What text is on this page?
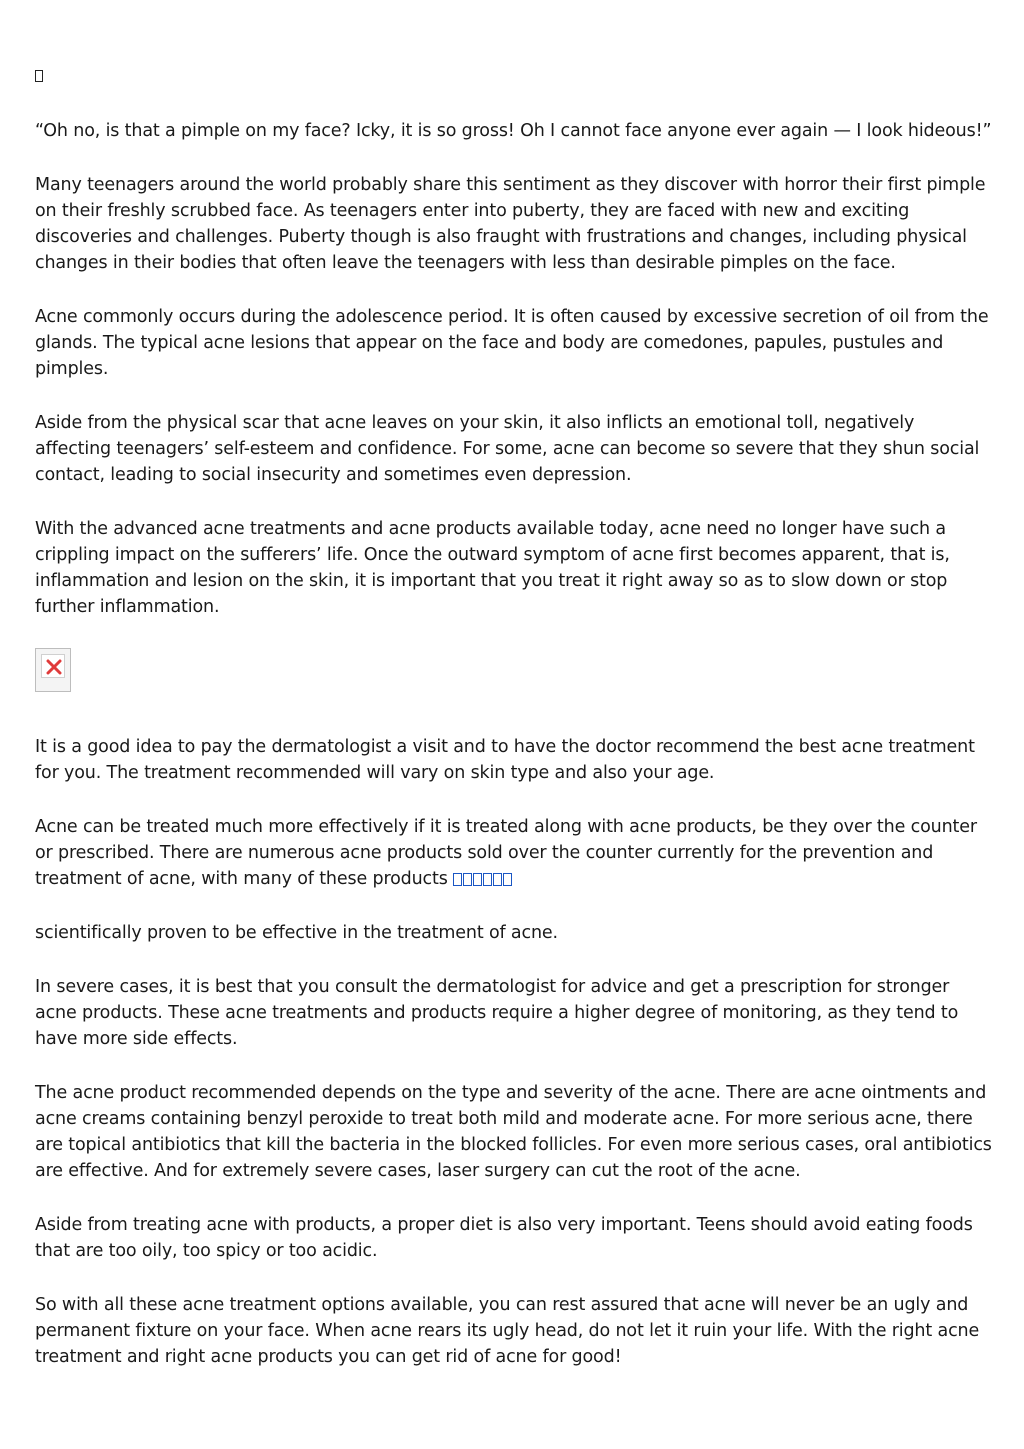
“Oh no, is that a pimple on my face? Icky, it is so gross! Oh I cannot face anyone ever again — I look hideous!”

Many teenagers around the world probably share this sentiment as they discover with horror their first pimple on their freshly scrubbed face. As teenagers enter into puberty, they are faced with new and exciting discoveries and challenges. Puberty though is also fraught with frustrations and changes, including physical changes in their bodies that often leave the teenagers with less than desirable pimples on the face.

Acne commonly occurs during the adolescence period. It is often caused by excessive secretion of oil from the glands. The typical acne lesions that appear on the face and body are comedones, papules, pustules and pimples.

Aside from the physical scar that acne leaves on your skin, it also inflicts an emotional toll, negatively affecting teenagers’ self-esteem and confidence. For some, acne can become so severe that they shun social contact, leading to social insecurity and sometimes even depression.

With the advanced acne treatments and acne products available today, acne need no longer have such a crippling impact on the sufferers’ life. Once the outward symptom of acne first becomes apparent, that is, inflammation and lesion on the skin, it is important that you treat it right away so as to slow down or stop further inflammation.

It is a good idea to pay the dermatologist a visit and to have the doctor recommend the best acne treatment for you. The treatment recommended will vary on skin type and also your age.

Acne can be treated much more effectively if it is treated along with acne products, be they over the counter or prescribed. There are numerous acne products sold over the counter currently for the prevention and treatment of acne, with many of these products

scientifically proven to be effective in the treatment of acne.

In severe cases, it is best that you consult the dermatologist for advice and get a prescription for stronger acne products. These acne treatments and products require a higher degree of monitoring, as they tend to have more side effects.

The acne product recommended depends on the type and severity of the acne. There are acne ointments and acne creams containing benzyl peroxide to treat both mild and moderate acne. For more serious acne, there are topical antibiotics that kill the bacteria in the blocked follicles. For even more serious cases, oral antibiotics are effective. And for extremely severe cases, laser surgery can cut the root of the acne.

Aside from treating acne with products, a proper diet is also very important. Teens should avoid eating foods that are too oily, too spicy or too acidic.

So with all these acne treatment options available, you can rest assured that acne will never be an ugly and permanent fixture on your face. When acne rears its ugly head, do not let it ruin your life. With the right acne treatment and right acne products you can get rid of acne for good!
